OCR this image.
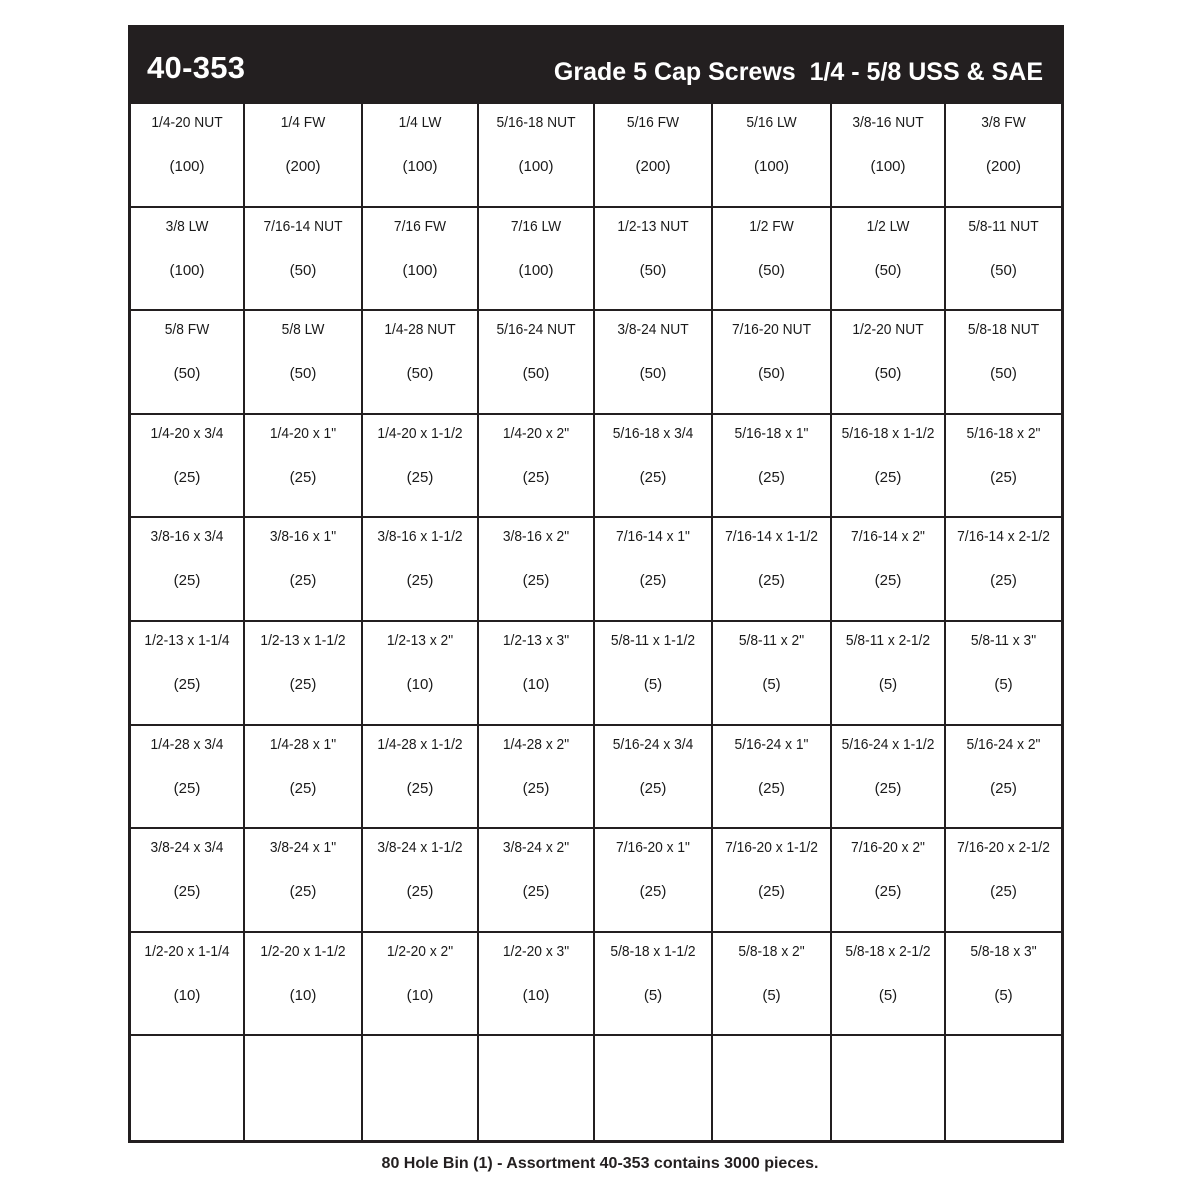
40-353	Grade 5 Cap Screws  1/4 - 5/8 USS & SAE
1/4-20 NUT
(100)
1/4 FW
(200)
1/4 LW
(100)
5/16-18 NUT
(100)
5/16 FW
(200)
5/16 LW
(100)
3/8-16 NUT
(100)
3/8 FW
(200)
3/8 LW
(100)
7/16-14 NUT
(50)
7/16 FW
(100)
7/16 LW
(100)
1/2-13 NUT
(50)
1/2 FW
(50)
1/2 LW
(50)
5/8-11 NUT
(50)
5/8 FW
(50)
5/8 LW
(50)
1/4-28 NUT
(50)
5/16-24 NUT
(50)
3/8-24 NUT
(50)
7/16-20 NUT
(50)
1/2-20 NUT
(50)
5/8-18 NUT
(50)
1/4-20 x 3/4
(25)
1/4-20 x 1"
(25)
1/4-20 x 1-1/2
(25)
1/4-20 x 2"
(25)
5/16-18 x 3/4
(25)
5/16-18 x 1"
(25)
5/16-18 x 1-1/2
(25)
5/16-18 x 2"
(25)
3/8-16 x 3/4
(25)
3/8-16 x 1"
(25)
3/8-16 x 1-1/2
(25)
3/8-16 x 2"
(25)
7/16-14 x 1"
(25)
7/16-14 x 1-1/2
(25)
7/16-14 x 2"
(25)
7/16-14 x 2-1/2
(25)
1/2-13 x 1-1/4
(25)
1/2-13 x 1-1/2
(25)
1/2-13 x 2"
(10)
1/2-13 x 3"
(10)
5/8-11 x 1-1/2
(5)
5/8-11 x 2"
(5)
5/8-11 x 2-1/2
(5)
5/8-11 x 3"
(5)
1/4-28 x 3/4
(25)
1/4-28 x 1"
(25)
1/4-28 x 1-1/2
(25)
1/4-28 x 2"
(25)
5/16-24 x 3/4
(25)
5/16-24 x 1"
(25)
5/16-24 x 1-1/2
(25)
5/16-24 x 2"
(25)
3/8-24 x 3/4
(25)
3/8-24 x 1"
(25)
3/8-24 x 1-1/2
(25)
3/8-24 x 2"
(25)
7/16-20 x 1"
(25)
7/16-20 x 1-1/2
(25)
7/16-20 x 2"
(25)
7/16-20 x 2-1/2
(25)
1/2-20 x 1-1/4
(10)
1/2-20 x 1-1/2
(10)
1/2-20 x 2"
(10)
1/2-20 x 3"
(10)
5/8-18 x 1-1/2
(5)
5/8-18 x 2"
(5)
5/8-18 x 2-1/2
(5)
5/8-18 x 3"
(5)
80 Hole Bin (1) - Assortment 40-353 contains 3000 pieces.
